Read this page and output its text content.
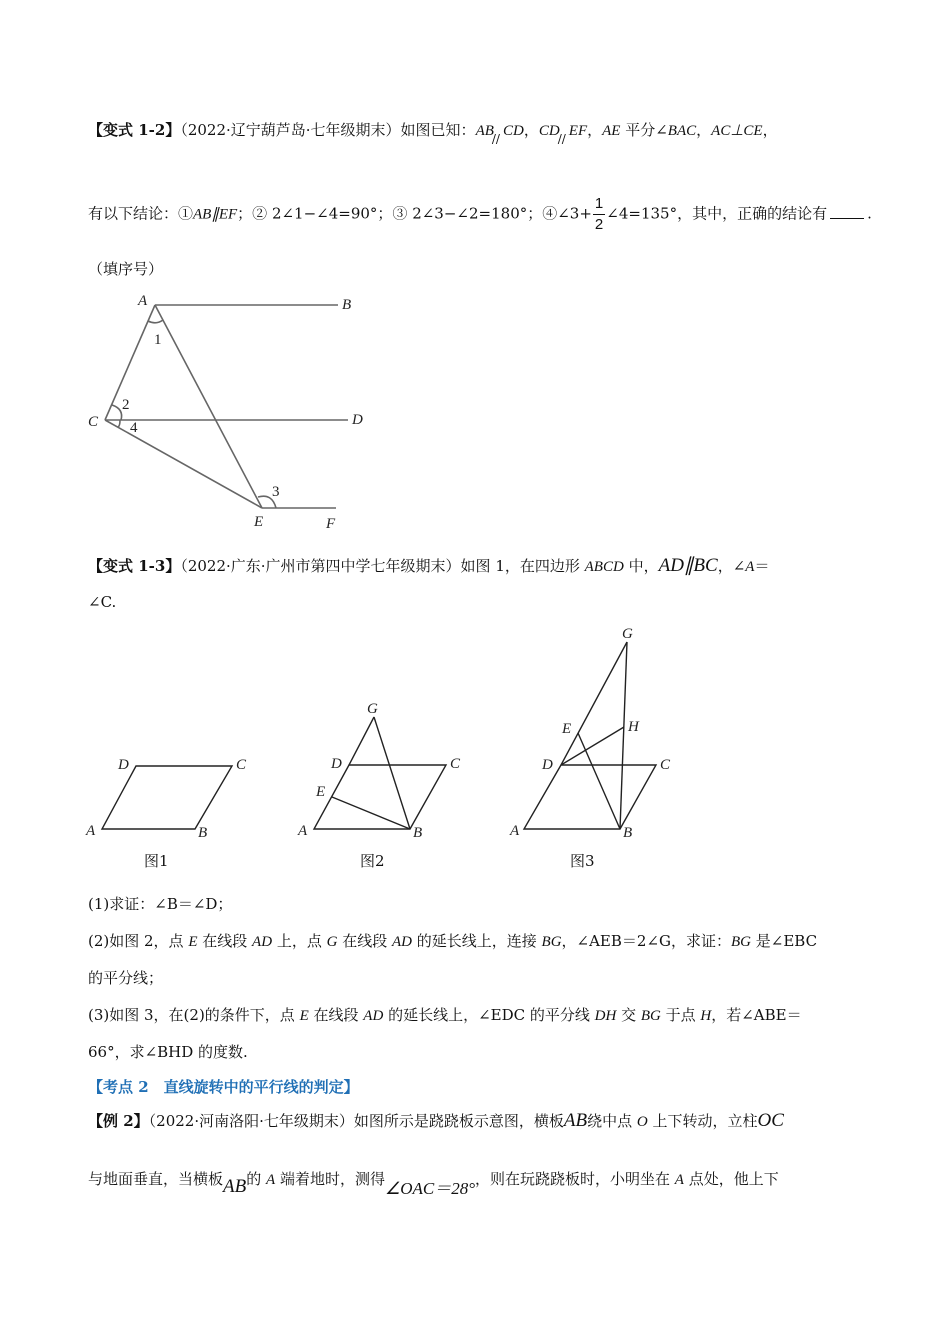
【变式 1-2】（2022·辽宁葫芦岛·七年级期末）如图已知：$AB_{//}$ CD，$CD_{//}$ EF，AE 平分∠BAC，AC⊥CE，
有以下结论：①AB∥EF；② 2∠1−∠4=90°；③ 2∠3−∠2=180°；④∠3+ $\frac{1}{2}$ ∠4=135°，其中，正确的结论有	.
（填序号）
A	B
C	D
E	F
1
2
4
3
【变式 1-3】（2022·广东·广州市第四中学七年级期末）如图 1，在四边形 ABCD 中，AD∥BC，∠A＝
∠C.
A	B
C
D
图1
A	B
C
D
E
G
图2
A	B
C
D
E
G
H
图3
(1)求证：∠B＝∠D；
(2)如图 2，点 E 在线段 AD 上，点 G 在线段 AD 的延长线上，连接 BG，∠AEB＝2∠G，求证：BG 是∠EBC
的平分线；
(3)如图 3，在(2)的条件下，点 E 在线段 AD 的延长线上，∠EDC 的平分线 DH 交 BG 于点 H，若∠ABE＝
66°，求∠BHD 的度数.
【考点 2　直线旋转中的平行线的判定】
【例 2】（2022·河南洛阳·七年级期末）如图所示是跷跷板示意图，横板AB绕中点 O 上下转动，立柱OC
与地面垂直，当横板AB的 A 端着地时，测得∠OAC＝28°，则在玩跷跷板时，小明坐在 A 点处，他上下
